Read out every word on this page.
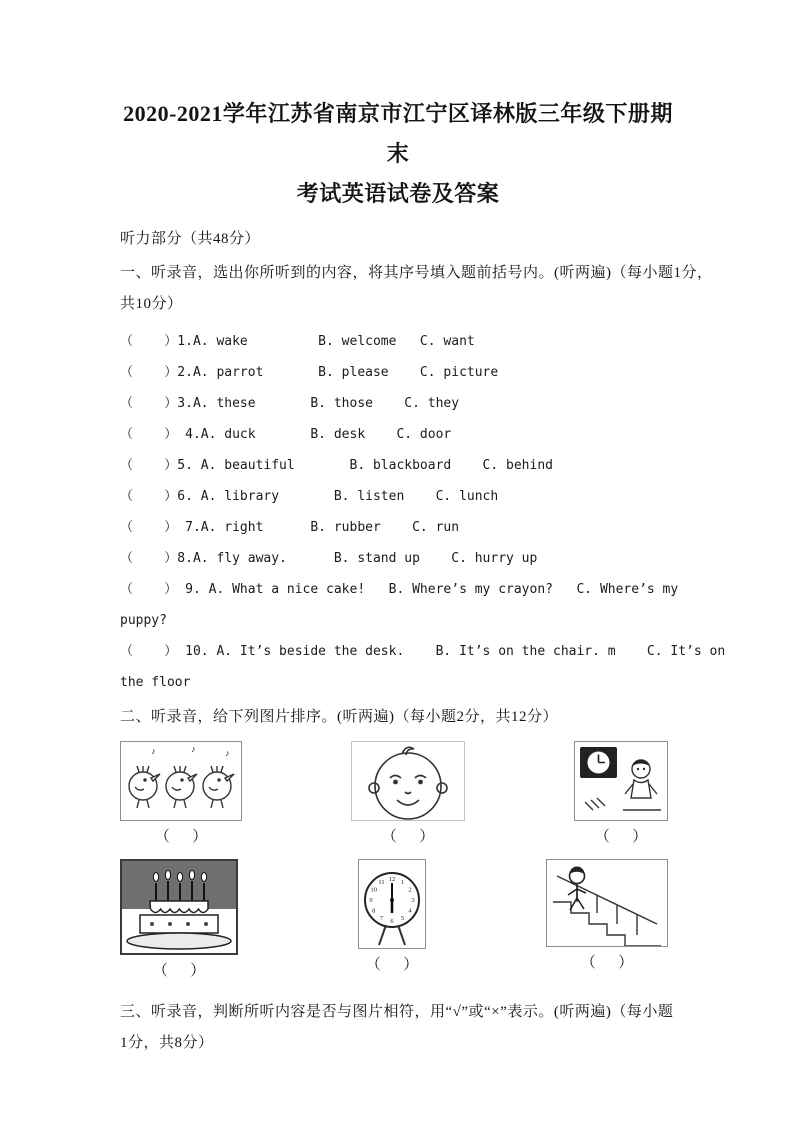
2020-2021学年江苏省南京市江宁区译林版三年级下册期末
考试英语试卷及答案
听力部分（共48分）
一、听录音，选出你所听到的内容，将其序号填入题前括号内。(听两遍)（每小题1分，
共10分）
（    ）1.A. wake         B. welcome   C. want
（    ）2.A. parrot       B. please    C. picture
（    ）3.A. these       B. those    C. they
（    ） 4.A. duck       B. desk    C. door
（    ）5. A. beautiful       B. blackboard    C. behind
（    ）6. A. library       B. listen    C. lunch
（    ） 7.A. right      B. rubber    C. run
（    ）8.A. fly away.      B. stand up    C. hurry up
（    ） 9. A. What a nice cake!   B. Where’s my crayon?   C. Where’s my
puppy?
（    ） 10. A. It’s beside the desk.    B. It’s on the chair. m    C. It’s on
the floor
二、听录音，给下列图片排序。(听两遍)（每小题2分，共12分）
♪	♪	♪
（      ）	（      ）	（      ）
（      ）
12 1
2
3
4
5
6
7
8
9
10
11
（      ）	（      ）
三、听录音，判断所听内容是否与图片相符，用“√”或“×”表示。(听两遍)（每小题
1分，共8分）
